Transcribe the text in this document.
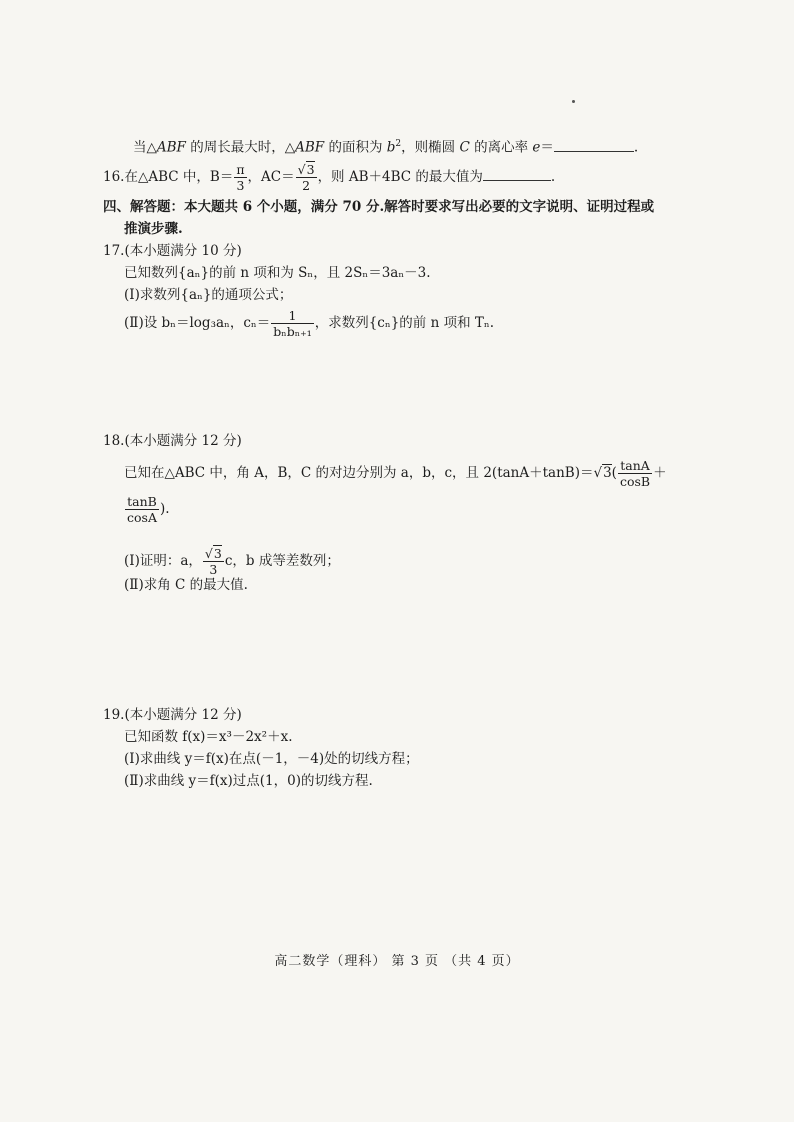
当△ABF 的周长最大时，△ABF 的面积为 $b^2$，则椭圆 C 的离心率 e＝	.
16.在△ABC 中，$B= \frac{\pi}{3}$ ，$AC= \frac{√3}{2}$ ，则 AB＋4BC 的最大值为	.
四、解答题：本大题共 6 个小题，满分 70 分.解答时要求写出必要的文字说明、证明过程或
推演步骤.
17.(本小题满分 10 分)
已知数列{aₙ}的前 n 项和为 Sₙ，且 2Sₙ＝3aₙ－3.
(Ⅰ)求数列{aₙ}的通项公式；
(Ⅱ)设 bₙ＝log₃aₙ，$c_n= \frac{1}{\text{bₙbₙ₊₁}}$ ，求数列{cₙ}的前 n 项和 Tₙ.
18.(本小题满分 12 分)
已知在△ABC 中，角 A，B，C 的对边分别为 a，b，c，且 $2(\tan A+\tan B)=√3( \frac{\tan A}{\cos B}$ ＋
$\frac{\tan B}{\cos A}$ ).
(Ⅰ)证明：a， $\frac{√3}{3}$ c，b 成等差数列；
(Ⅱ)求角 C 的最大值.
19.(本小题满分 12 分)
已知函数 f(x)＝x³－2x²＋x.
(Ⅰ)求曲线 y＝f(x)在点(－1，－4)处的切线方程；
(Ⅱ)求曲线 y＝f(x)过点(1，0)的切线方程.
高二数学（理科） 第 3 页 （共 4 页）
